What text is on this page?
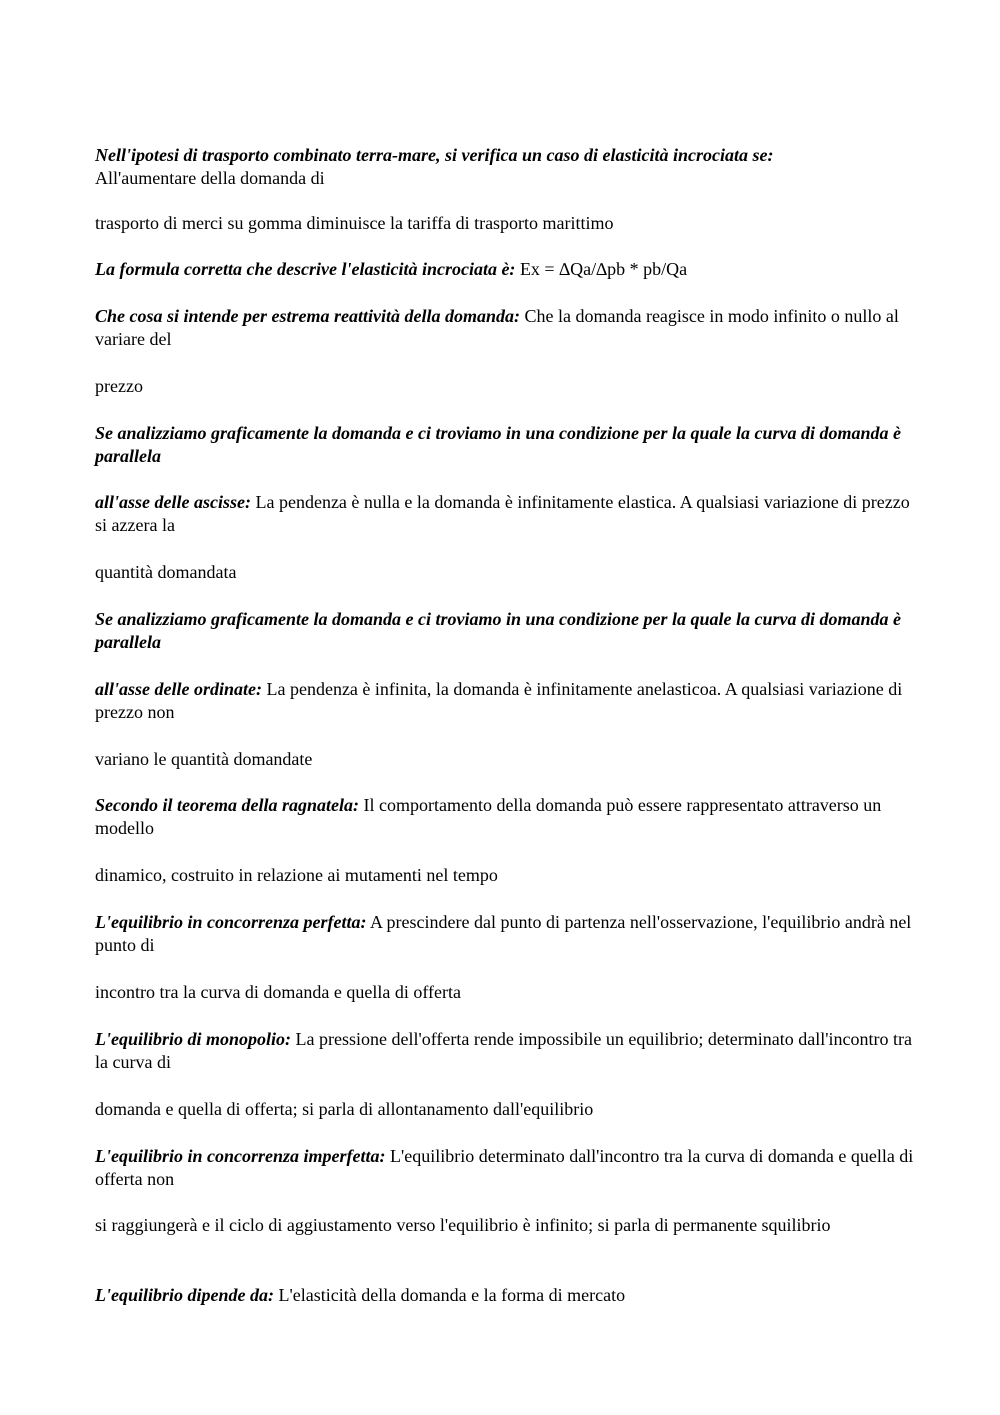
Nell'ipotesi di trasporto combinato terra-mare, si verifica un caso di elasticità incrociata se:
All'aumentare della domanda di

trasporto di merci su gomma diminuisce la tariffa di trasporto marittimo

La formula corretta che descrive l'elasticità incrociata è: Ex = ∆Qa/∆pb * pb/Qa

Che cosa si intende per estrema reattività della domanda: Che la domanda reagisce in modo infinito o nullo al variare del

prezzo

Se analizziamo graficamente la domanda e ci troviamo in una condizione per la quale la curva di domanda è parallela

all'asse delle ascisse: La pendenza è nulla e la domanda è infinitamente elastica. A qualsiasi variazione di prezzo si azzera la

quantità domandata

Se analizziamo graficamente la domanda e ci troviamo in una condizione per la quale la curva di domanda è parallela

all'asse delle ordinate: La pendenza è infinita, la domanda è infinitamente anelasticoa. A qualsiasi variazione di prezzo non

variano le quantità domandate

Secondo il teorema della ragnatela: Il comportamento della domanda può essere rappresentato attraverso un modello

dinamico, costruito in relazione ai mutamenti nel tempo

L'equilibrio in concorrenza perfetta: A prescindere dal punto di partenza nell'osservazione, l'equilibrio andrà nel punto di

incontro tra la curva di domanda e quella di offerta

L'equilibrio di monopolio: La pressione dell'offerta rende impossibile un equilibrio; determinato dall'incontro tra la curva di

domanda e quella di offerta; si parla di allontanamento dall'equilibrio

L'equilibrio in concorrenza imperfetta: L'equilibrio determinato dall'incontro tra la curva di domanda e quella di offerta non

si raggiungerà e il ciclo di aggiustamento verso l'equilibrio è infinito; si parla di permanente squilibrio

L'equilibrio dipende da: L'elasticità della domanda e la forma di mercato
